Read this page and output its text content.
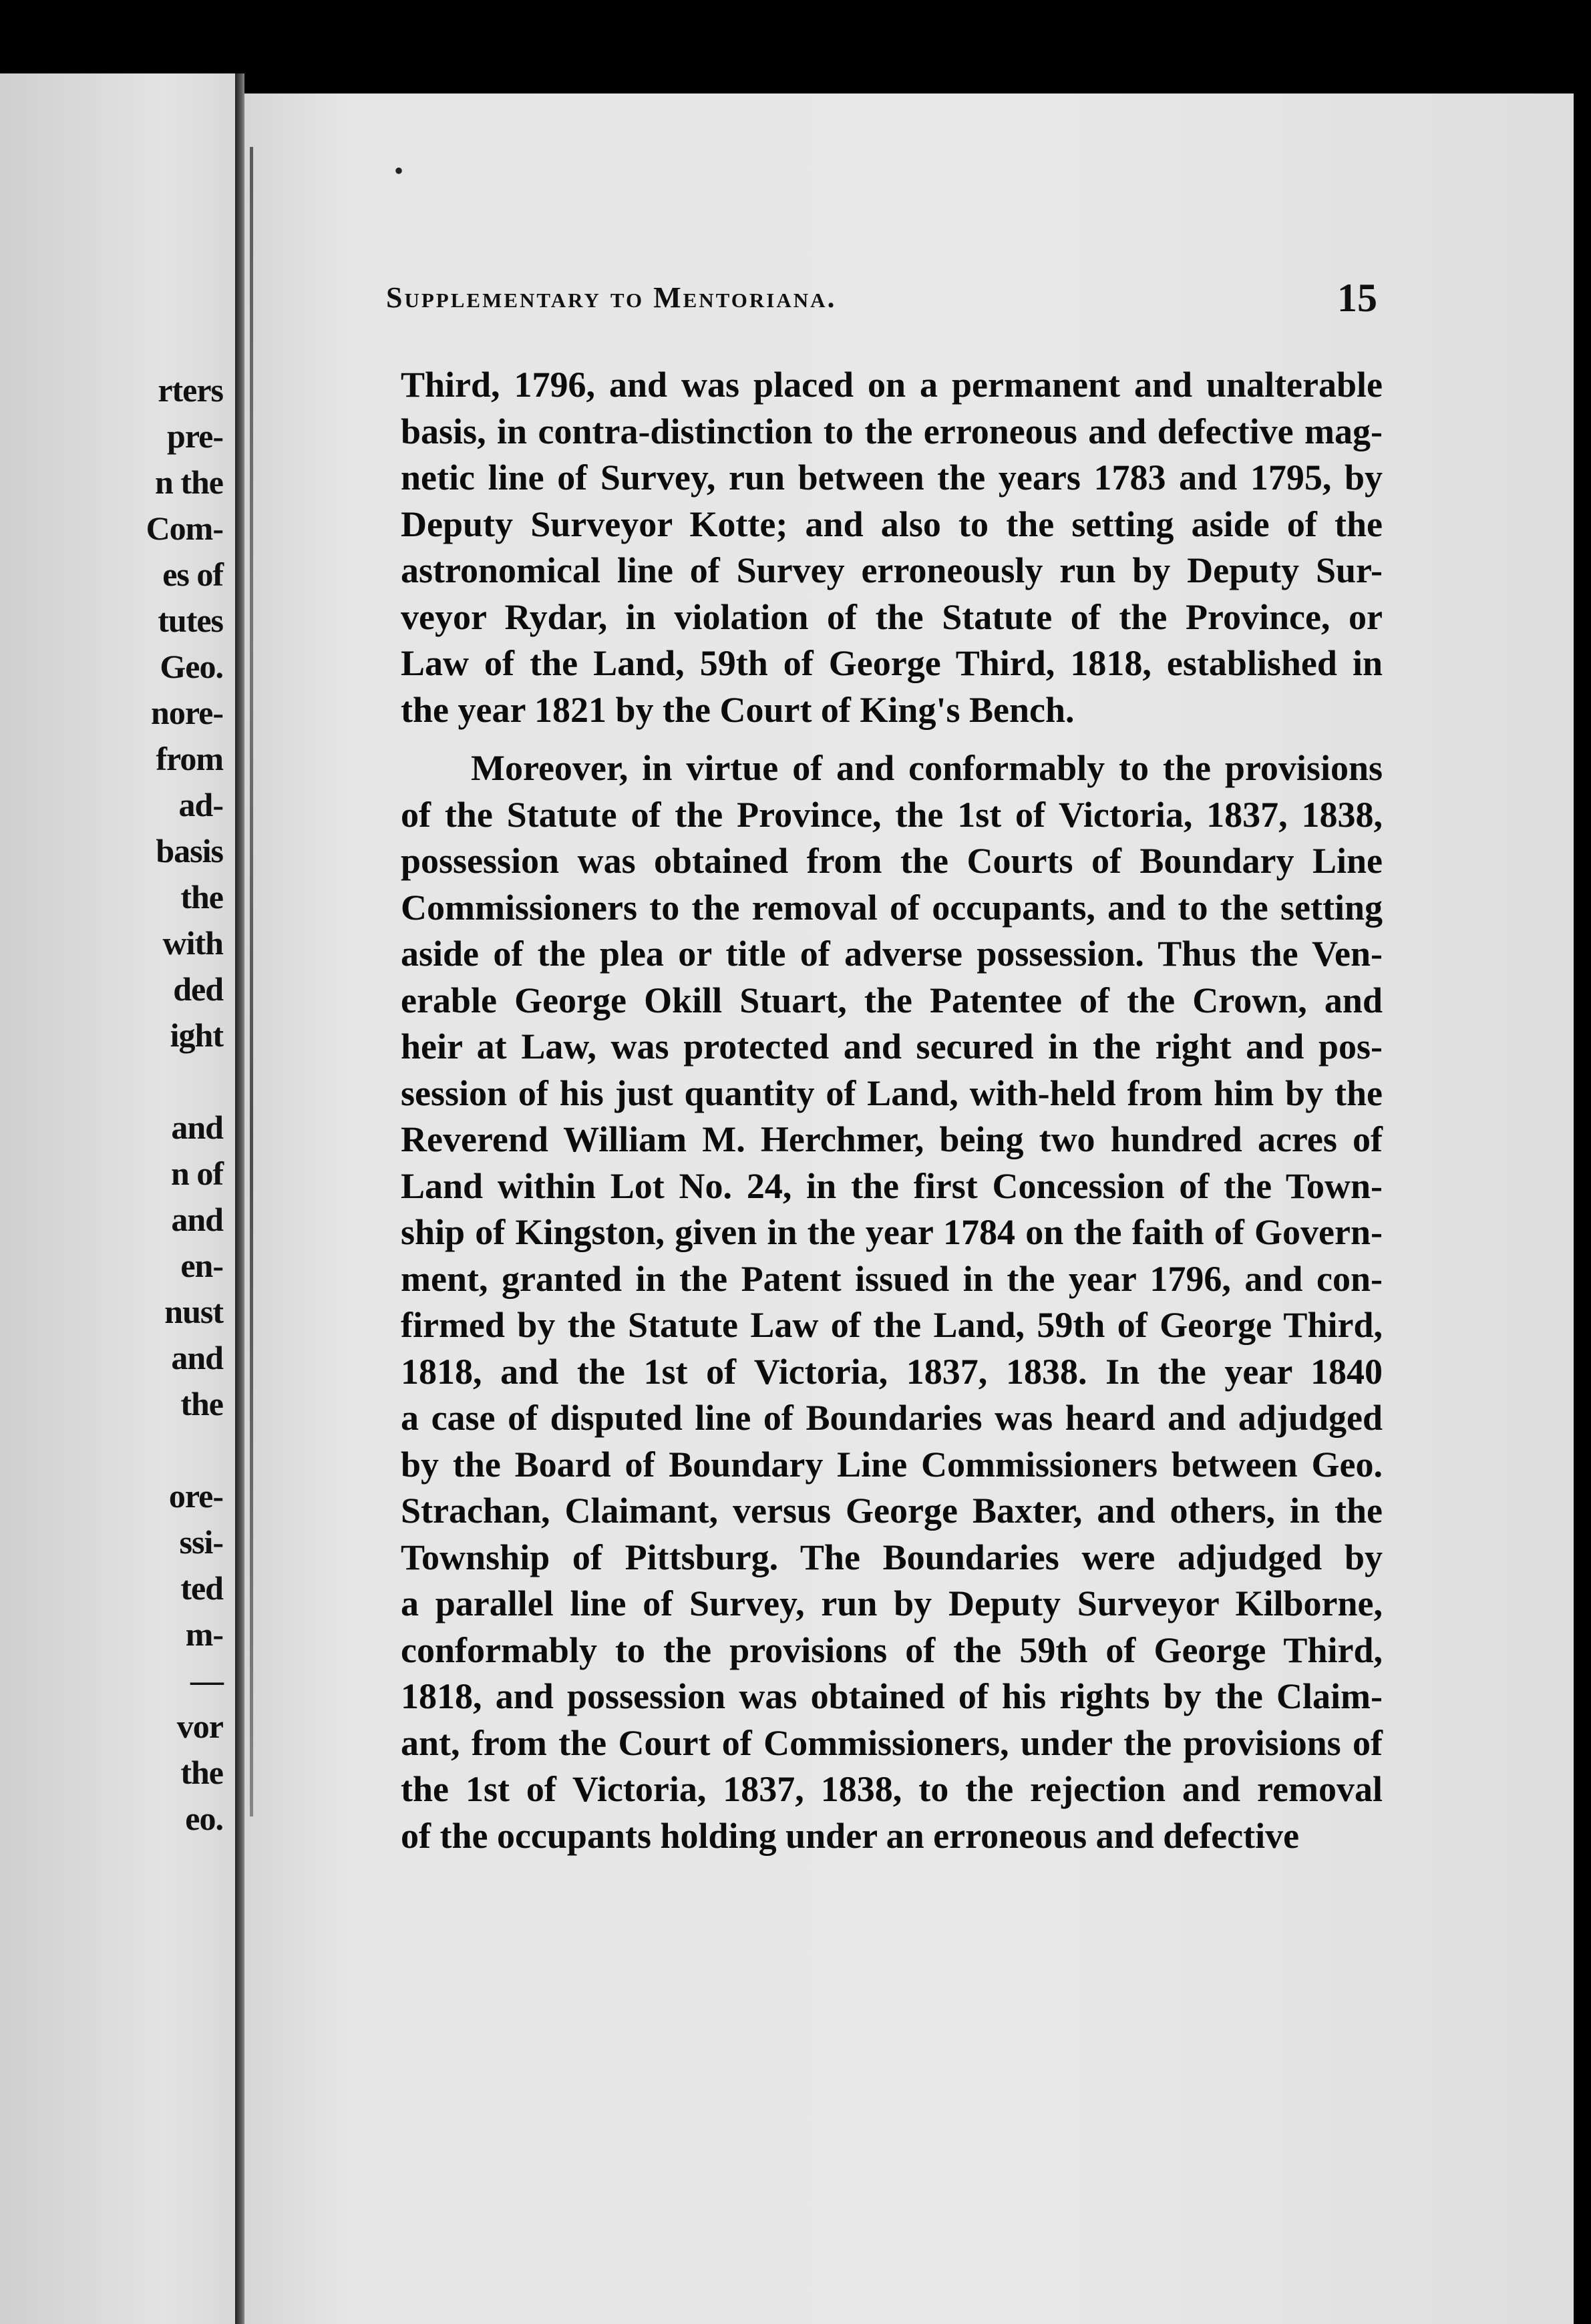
rters
pre-
n the
Com-
es of
tutes
Geo.
nore-
from
ad-
basis
the
with
ded
ight
and
n of
and
en-
nust
and
the
ore-
ssi-
ted
m-
—
vor
the
eo.
•
Supplementary to Mentoriana.	15
Third, 1796, and was placed on a permanent and unalterable
basis, in contra-distinction to the erroneous and defective mag-
netic line of Survey, run between the years 1783 and 1795, by
Deputy Surveyor Kotte; and also to the setting aside of the
astronomical line of Survey erroneously run by Deputy Sur-
veyor Rydar, in violation of the Statute of the Province, or
Law of the Land, 59th of George Third, 1818, established in
the year 1821 by the Court of King's Bench.
Moreover, in virtue of and conformably to the provisions
of the Statute of the Province, the 1st of Victoria, 1837, 1838,
possession was obtained from the Courts of Boundary Line
Commissioners to the removal of occupants, and to the setting
aside of the plea or title of adverse possession. Thus the Ven-
erable George Okill Stuart, the Patentee of the Crown, and
heir at Law, was protected and secured in the right and pos-
session of his just quantity of Land, with-held from him by the
Reverend William M. Herchmer, being two hundred acres of
Land within Lot No. 24, in the first Concession of the Town-
ship of Kingston, given in the year 1784 on the faith of Govern-
ment, granted in the Patent issued in the year 1796, and con-
firmed by the Statute Law of the Land, 59th of George Third,
1818, and the 1st of Victoria, 1837, 1838. In the year 1840
a case of disputed line of Boundaries was heard and adjudged
by the Board of Boundary Line Commissioners between Geo.
Strachan, Claimant, versus George Baxter, and others, in the
Township of Pittsburg. The Boundaries were adjudged by
a parallel line of Survey, run by Deputy Surveyor Kilborne,
conformably to the provisions of the 59th of George Third,
1818, and possession was obtained of his rights by the Claim-
ant, from the Court of Commissioners, under the provisions of
the 1st of Victoria, 1837, 1838, to the rejection and removal
of the occupants holding under an erroneous and defective
